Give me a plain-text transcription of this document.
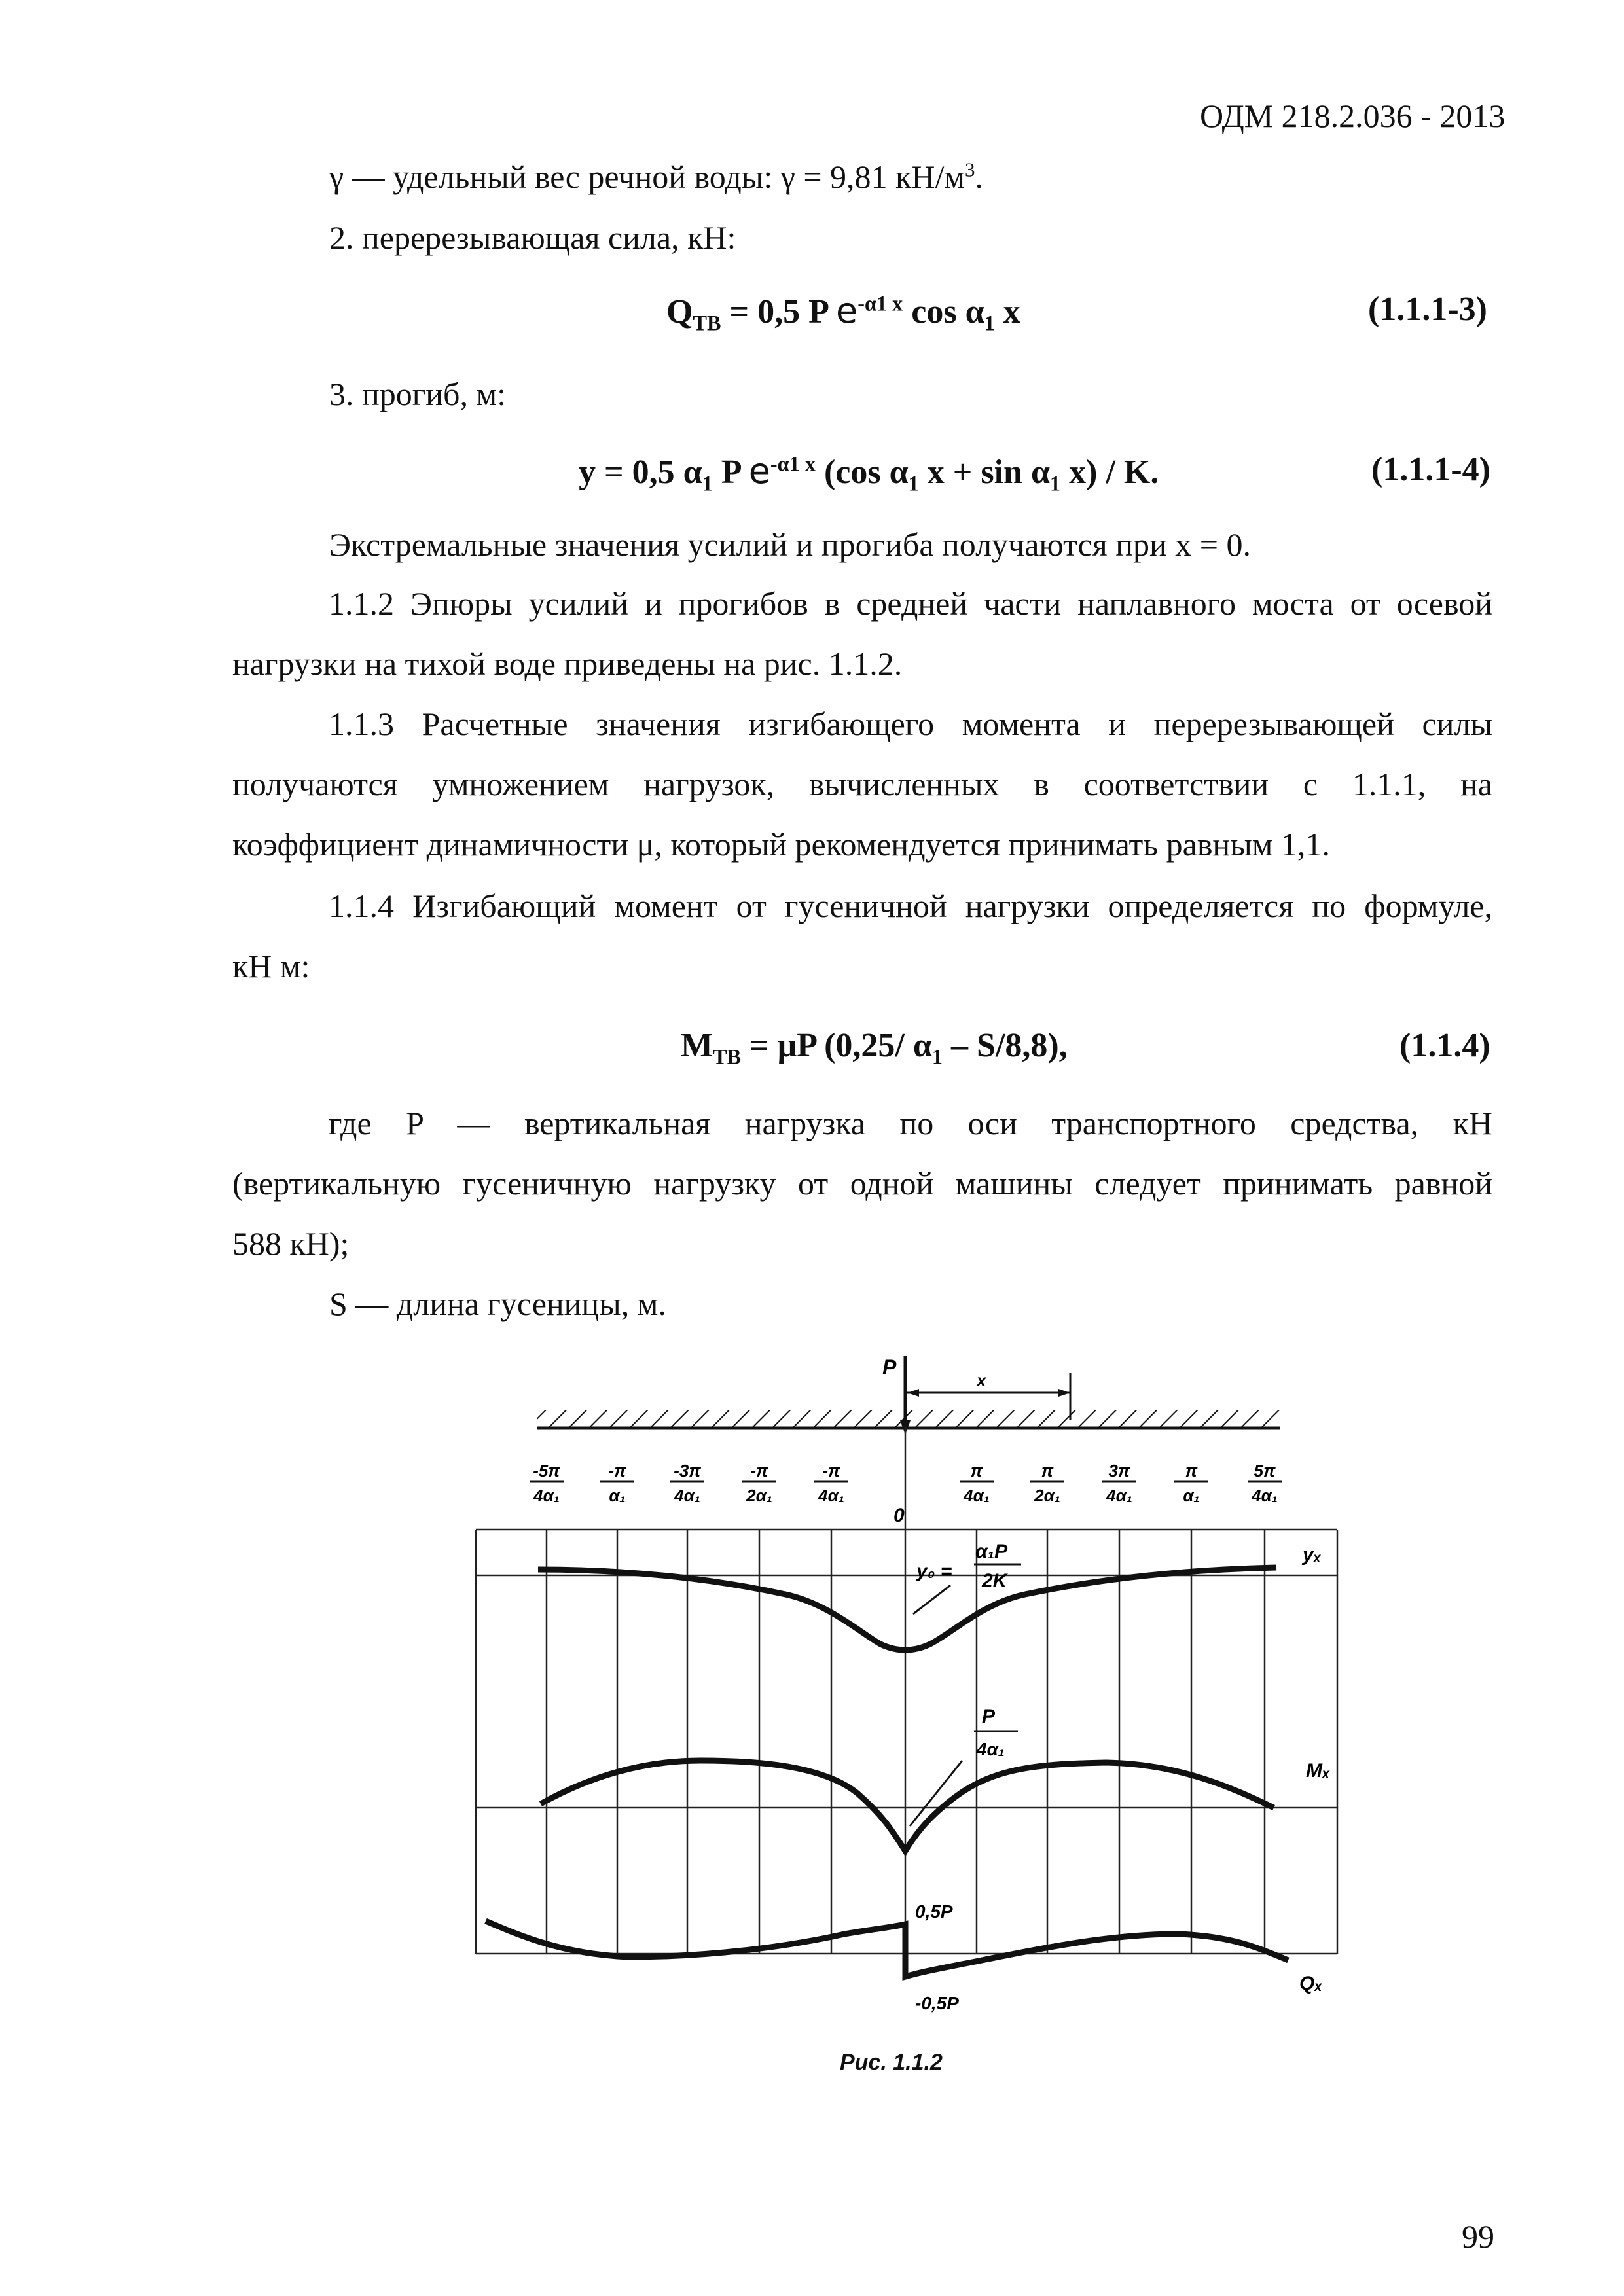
ОДМ 218.2.036 - 2013
γ — удельный вес речной воды: γ = 9,81 $кН/м^3$.
2. перерезывающая сила, кН:
$Q_{ТВ} = 0,5$ P $e^{-\alpha 1 x}$ $\cos \alpha_1$ x	(1.1.1-3)
3. прогиб, м:
y = 0,5 $\alpha_1$ P $e^{-\alpha 1 x}$ (cos $\alpha_1$ $x + \sin \alpha_1$ x) / K.	(1.1.1-4)
Экстремальные значения усилий и прогиба получаются при x = 0.
1.1.2 Эпюры усилий и прогибов в средней части наплавного моста от осевой
нагрузки на тихой воде приведены на рис. 1.1.2.
1.1.3 Расчетные значения изгибающего момента и перерезывающей силы
получаются умножением нагрузок, вычисленных в соответствии с 1.1.1, на
коэффициент динамичности μ, который рекомендуется принимать равным 1,1.
1.1.4 Изгибающий момент от гусеничной нагрузки определяется по формуле,
кН м:
$M_{ТВ} = \mu P$ (0,25/ $\alpha_1 - S/8,8$),	(1.1.4)
где P — вертикальная нагрузка по оси транспортного средства, кН
(вертикальную гусеничную нагрузку от одной машины следует принимать равной
588 кН);
S — длина гусеницы, м.
P
x
-5π
4α₁
-π
α₁
-3π
4α₁
-π
2α₁
-π
4α₁
π
4α₁
π
2α₁
3π
4α₁
π
α₁
5π
4α₁
0
y₀ =
α₁P
2K
yₓ
P
4α₁
Mₓ
0,5P
-0,5P
Qₓ
Рис. 1.1.2
99
